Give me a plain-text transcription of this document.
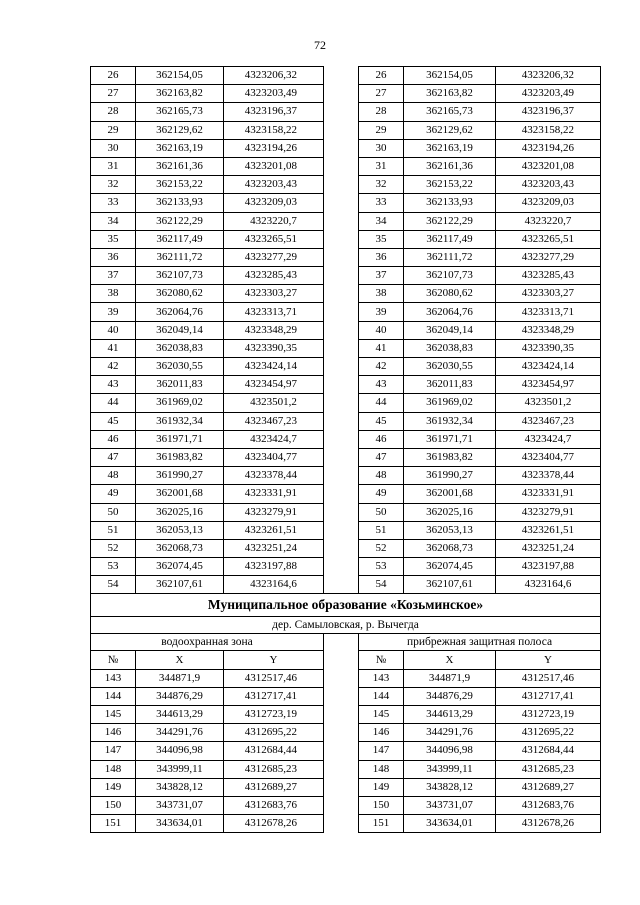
72
26	362154,05	4323206,32		26	362154,05	4323206,32
27	362163,82	4323203,49		27	362163,82	4323203,49
28	362165,73	4323196,37		28	362165,73	4323196,37
29	362129,62	4323158,22		29	362129,62	4323158,22
30	362163,19	4323194,26		30	362163,19	4323194,26
31	362161,36	4323201,08		31	362161,36	4323201,08
32	362153,22	4323203,43		32	362153,22	4323203,43
33	362133,93	4323209,03		33	362133,93	4323209,03
34	362122,29	4323220,7		34	362122,29	4323220,7
35	362117,49	4323265,51		35	362117,49	4323265,51
36	362111,72	4323277,29		36	362111,72	4323277,29
37	362107,73	4323285,43		37	362107,73	4323285,43
38	362080,62	4323303,27		38	362080,62	4323303,27
39	362064,76	4323313,71		39	362064,76	4323313,71
40	362049,14	4323348,29		40	362049,14	4323348,29
41	362038,83	4323390,35		41	362038,83	4323390,35
42	362030,55	4323424,14		42	362030,55	4323424,14
43	362011,83	4323454,97		43	362011,83	4323454,97
44	361969,02	4323501,2		44	361969,02	4323501,2
45	361932,34	4323467,23		45	361932,34	4323467,23
46	361971,71	4323424,7		46	361971,71	4323424,7
47	361983,82	4323404,77		47	361983,82	4323404,77
48	361990,27	4323378,44		48	361990,27	4323378,44
49	362001,68	4323331,91		49	362001,68	4323331,91
50	362025,16	4323279,91		50	362025,16	4323279,91
51	362053,13	4323261,51		51	362053,13	4323261,51
52	362068,73	4323251,24		52	362068,73	4323251,24
53	362074,45	4323197,88		53	362074,45	4323197,88
54	362107,61	4323164,6		54	362107,61	4323164,6
Муниципальное образование «Козьминское»						
дер. Самыловская, р. Вычегда						
водоохранная зона				прибрежная защитная полоса		
№	X	Y		№	X	Y
143	344871,9	4312517,46		143	344871,9	4312517,46
144	344876,29	4312717,41		144	344876,29	4312717,41
145	344613,29	4312723,19		145	344613,29	4312723,19
146	344291,76	4312695,22		146	344291,76	4312695,22
147	344096,98	4312684,44		147	344096,98	4312684,44
148	343999,11	4312685,23		148	343999,11	4312685,23
149	343828,12	4312689,27		149	343828,12	4312689,27
150	343731,07	4312683,76		150	343731,07	4312683,76
151	343634,01	4312678,26		151	343634,01	4312678,26
